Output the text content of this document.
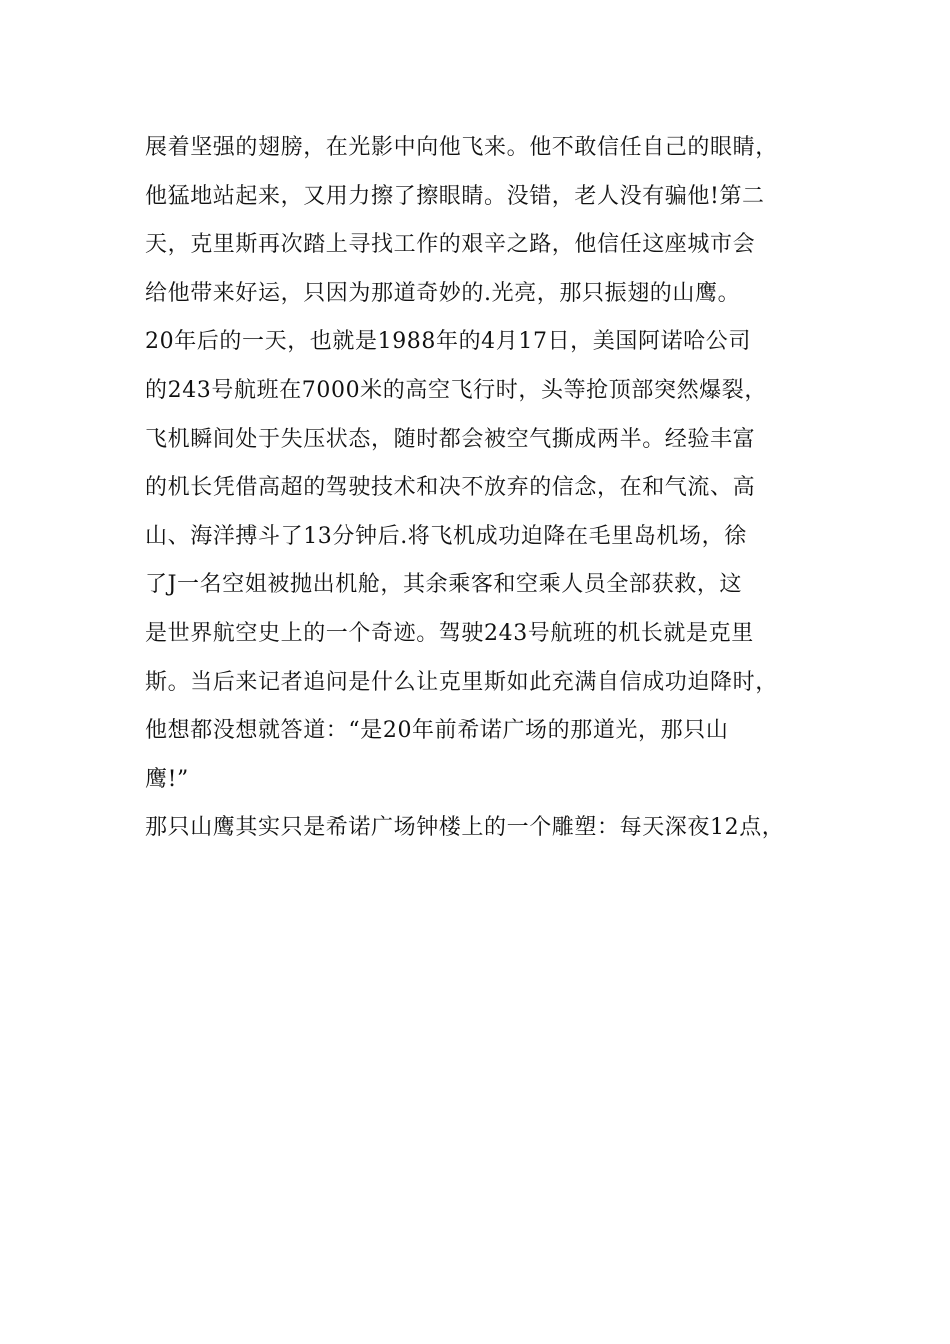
展着坚强的翅膀，在光影中向他飞来。他不敢信任自己的眼睛，
他猛地站起来，又用力擦了擦眼睛。没错，老人没有骗他!第二
天，克里斯再次踏上寻找工作的艰辛之路，他信任这座城市会
给他带来好运，只因为那道奇妙的.光亮，那只振翅的山鹰。
20年后的一天，也就是1988年的4月17日，美国阿诺哈公司
的243号航班在7000米的高空飞行时，头等抢顶部突然爆裂，
飞机瞬间处于失压状态，随时都会被空气撕成两半。经验丰富
的机长凭借高超的驾驶技术和决不放弃的信念，在和气流、高
山、海洋搏斗了13分钟后.将飞机成功迫降在毛里岛机场，徐
了J一名空姐被抛出机舱，其余乘客和空乘人员全部获救，这
是世界航空史上的一个奇迹。驾驶243号航班的机长就是克里
斯。当后来记者追问是什么让克里斯如此充满自信成功迫降时，
他想都没想就答道：“是20年前希诺广场的那道光，那只山
鹰!”
那只山鹰其实只是希诺广场钟楼上的一个雕塑：每天深夜12点，
